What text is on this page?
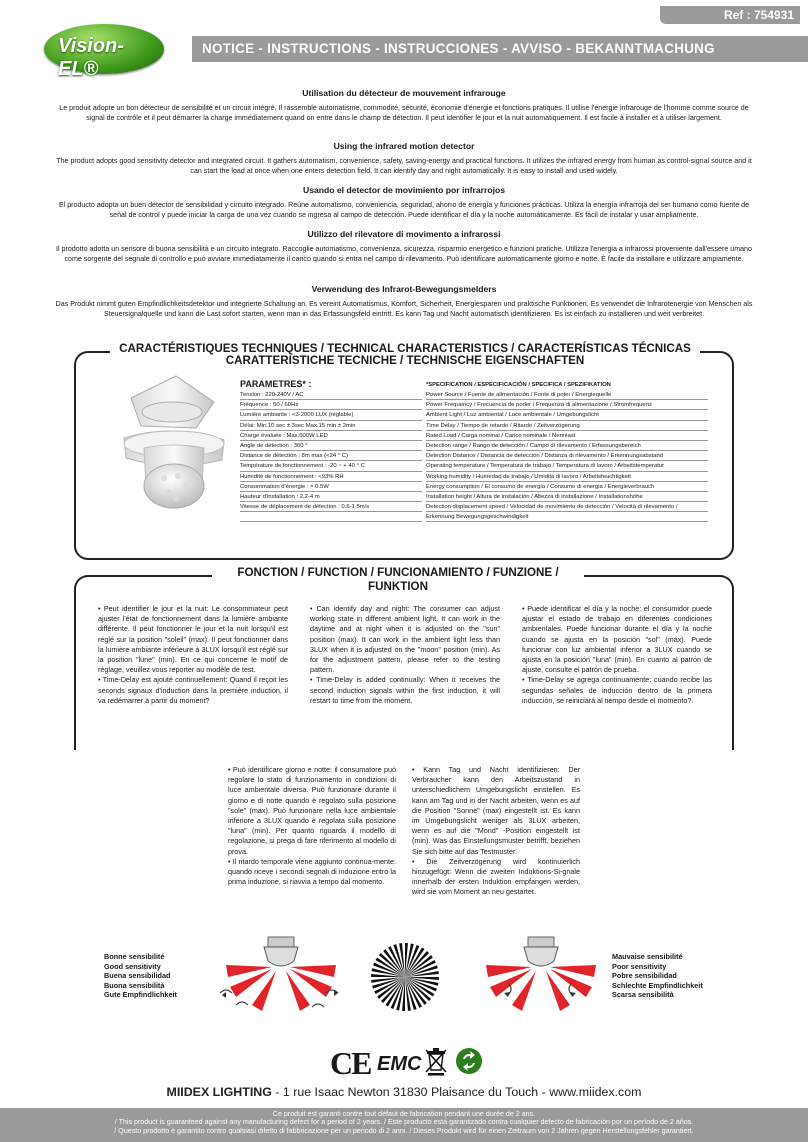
Ref : 754931
Vision-EL®
NOTICE - INSTRUCTIONS - INSTRUCCIONES - AVVISO - BEKANNTMACHUNG
Utilisation du détecteur de mouvement infrarouge

Le produit adopte un bon détecteur de sensibilité et un circuit intégré. Il rassemble automatisme, commodité, sécurité, économie d'énergie et fonctions pratiques. Il utilise l'énergie infrarouge de l'homme comme source de signal de contrôle et il peut démarrer la charge immédiatement quand on entre dans le champ de détection. Il peut identifier le jour et la nuit automatiquement. Il est facile à installer et à utiliser largement.

Using the infrared motion detector

The product adopts good sensitivity detector and integrated circuit. It gathers automatism, convenience, safety, saving-energy and practical functions. It utilizes the infrared energy from human as control-signal source and it can start the load at once when one enters detection field. It can identify day and night automatically. It is easy to install and used widely.

Usando el detector de movimiento por infrarrojos

El producto adopta un buen detector de sensibilidad y circuito integrado. Reúne automatismo, conveniencia, seguridad, ahorro de energía y funciones prácticas. Utiliza la energía infrarroja del ser humano como fuente de señal de control y puede iniciar la carga de una vez cuando se ingresa al campo de detección. Puede identificar el día y la noche automáticamente. Es fácil de instalar y usar ampliamente.

Utilizzo del rilevatore di movimento a infrarossi

Il prodotto adotta un sensore di buona sensibilità e un circuito integrato. Raccoglie automatismo, convenienza, sicurezza, risparmio energetico e funzioni pratiche. Utilizza l'energia a infrarossi proveniente dall'essere umano come sorgente del segnale di controllo e può avviare immediatamente il carico quando si entra nel campo di rilevamento. Può identificare automaticamente giorno e notte. È facile da installare e utilizzare ampiamente.

Verwendung des Infrarot-Bewegungsmelders

Das Produkt nimmt guten Empfindlichkeitsdetektor und integrierte Schaltung an. Es vereint Automatismus, Komfort, Sicherheit, Energiesparen und praktische Funktionen. Es verwendet die Infrarotenergie von Menschen als Steuersignalquelle und kann die Last sofort starten, wenn man in das Erfassungsfeld eintritt. Es kann Tag und Nacht automatisch identifizieren. Es ist einfach zu installieren und weit verbreitet.

CARACTÉRISTIQUES TECHNIQUES / TECHNICAL CHARACTERISTICS / CARACTERÍSTICAS TÉCNICAS
CARATTERISTICHE TECNICHE / TECHNISCHE EIGENSCHAFTEN
PARAMETRES* :
Tension : 220-240V / AC
Fréquence : 50 / 60Hz
Lumière ambiante : <3-2000 LUX (réglable)
Délai: Min.10 sec ± 3sec Max.15 min ± 2min
Charge évaluée : Max.600W LED
Angle de détection : 360 °
Distance de détection : 8m max (<24 ° C)
Température de fonctionnement : -20 ~ + 40 ° C
Humidité de fonctionnement : <93% RH
Consommation d'énergie : ≈ 0.5W
Hauteur d'installation : 2,2-4 m
Vitesse de déplacement de détection : 0.6-1.5m/s
*SPECIFICATION / ESPECIFICACIÓN / SPECIFICA / SPEZIFIKATION
Power Source / Fuente de alimentación / Fonte di poter / Energiequelle
Power Frequency / Frecuencia de poder / Frequenza di alimentazione / Stromfrequenz
Ambient Light / Luz ambiental / Luce ambientale / Umgebungslicht
Time Delay / Tiempo de retardo / Ritardo / Zeitverzögerung
Rated Load / Carga nominal / Carico nominale / Nennlast
Detection range / Rango de detección / Campo di rilevamento / Erfassungsbereich
Detection Distance / Distancia de detección / Distanza di rilevamento / Erkennungsabstand
Operating temperature / Temperatura de trabajo / Temperatura di lavoro / Arbeitstemperatur
Working humidity / Humedad de trabajo / Umidità di lavoro / Arbeitsfeuchtigkeit
Energy consumption / El consumo de energía / Consumo di energia / Energieverbrauch
Installation height / Altura de instalación / Altezza di installazione / Installationshöhe
Detection displacement speed / Velocidad de movimiento de detección / Velocità di rilevamento /
Erkennung Bewegungsgeschwindigkeit
FONCTION / FUNCTION / FUNCIONAMIENTO / FUNZIONE / FUNKTION

• Peut identifier le jour et la nuit: Le consommateur peut ajuster l'état de fonctionnement dans la lumière ambiante différente. Il peut fonctionner le jour et la nuit lorsqu'il est réglé sur la position "soleil" (max). Il peut fonctionner dans la lumière ambiante inférieure à 3LUX lorsqu'il est réglé sur la position "lune" (min). En ce qui concerne le motif de réglage, veuillez vous reporter au modèle de test.

• Time-Delay est ajouté continuellement: Quand il reçoit les seconds signaux d'induction dans la première induction, il va redémarrer à partir du moment?

• Can identify day and night: The consumer can adjust working state in different ambient light. It can work in the daytime and at night when it is adjusted on the "sun" position (max). It can work in the ambient light less than 3LUX when it is adjusted on the "moon" position (min). As for the adjustment pattern, please refer to the testing pattern.

• Time-Delay is added continually: When it receives the second induction signals within the first induction, it will restart to time from the moment.

• Puede identificar el día y la noche: el consumidor puede ajustar el estado de trabajo en diferentes condiciones ambientales. Puede funcionar durante el día y la noche cuando se ajusta en la posición "sol" (máx). Puede funcionar con luz ambiental inferior a 3LUX cuando se ajusta en la posición "luna" (min). En cuanto al patrón de ajuste, consulte el patrón de prueba.

• Time-Delay se agrega continuamente: cuando recibe las segundas señales de inducción dentro de la primera inducción, se reiniciará al tiempo desde el momento?.

• Può identificare giorno e notte: il consumatore può regolare lo stato di funzionamento in condizioni di luce ambientale diversa. Può funzionare durante il giorno e di notte quando è regolato sulla posizione "sole" (max). Può funzionare nella luce ambientale inferiore a 3LUX quando è regolata sulla posizione "luna" (min). Per quanto riguarda il modello di regolazione, si prega di fare riferimento al modello di prova.

• Il ritardo temporale viene aggiunto continua-mente: quando riceve i secondi segnali di induzione entro la prima induzione, si riavvia a tempo dal momento.

• Kann Tag und Nacht identifizieren: Der Verbraucher kann den Arbeitszustand in unterschiedlichem Umgebungslicht einstellen. Es kann am Tag und in der Nacht arbeiten, wenn es auf die Position "Sonne" (max) eingestellt ist. Es kann im Umgebungslicht weniger als 3LUX arbeiten, wenn es auf die "Mond" -Position eingestellt ist (min). Was das Einstellungsmuster betrifft, beziehen Sie sich bitte auf das Testmuster.

• Die Zeitverzögerung wird kontinuierlich hinzugefügt: Wenn die zweiten Induktions-Si-gnale innerhalb der ersten Induktion empfangen werden, wird sie vom Moment an neu gestartet.

Bonne sensibilité
Good sensitivity
Buena sensibilidad
Buona sensibilità
Gute Empfindlichkeit
Mauvaise sensibilité
Poor sensitivity
Pobre sensibilidad
Schlechte Empfindlichkeit
Scarsa sensibilità
CE EMC
MIIDEX LIGHTING - 1 rue Isaac Newton 31830 Plaisance du Touch - www.miidex.com
Ce produit est garanti contre tout défaut de fabrication pendant une durée de 2 ans.
/ This product is guaranteed against any manufacturing defect for a period of 2 years. / Este producto está garantizado contra cualquier defecto de fabricación por un período de 2 años.
/ Questo prodotto è garantito contro qualsiasi difetto di fabbricazione per un periodo di 2 anni. / Dieses Produkt wird für einen Zeitraum von 2 Jahren gegen Herstellungsfehler garantiert.
